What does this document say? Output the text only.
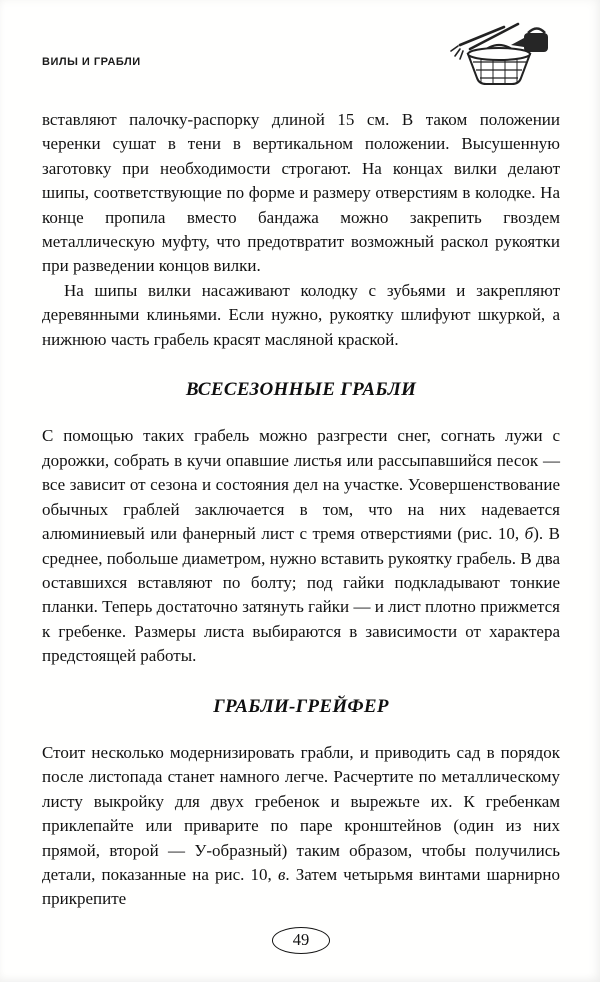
ВИЛЫ И ГРАБЛИ

вставляют палочку-распорку длиной 15 см. В таком положении черенки сушат в тени в вертикальном положении. Высушенную заготовку при необходимости строгают. На концах вилки делают шипы, соответствующие по форме и размеру отверстиям в колодке. На конце пропила вместо бандажа можно закрепить гвоздем металлическую муфту, что предотвратит возможный раскол рукоятки при разведении концов вилки.

На шипы вилки насаживают колодку с зубьями и закрепляют деревянными клиньями. Если нужно, рукоятку шлифуют шкуркой, а нижнюю часть грабель красят масляной краской.

ВСЕСЕЗОННЫЕ ГРАБЛИ

С помощью таких грабель можно разгрести снег, согнать лужи с дорожки, собрать в кучи опавшие листья или рассыпавшийся песок — все зависит от сезона и состояния дел на участке. Усовершенствование обычных граблей заключается в том, что на них надевается алюминиевый или фанерный лист с тремя отверстиями (рис. 10, б). В среднее, побольше диаметром, нужно вставить рукоятку грабель. В два оставшихся вставляют по болту; под гайки подкладывают тонкие планки. Теперь достаточно затянуть гайки — и лист плотно прижмется к гребенке. Размеры листа выбираются в зависимости от характера предстоящей работы.

ГРАБЛИ-ГРЕЙФЕР

Стоит несколько модернизировать грабли, и приводить сад в порядок после листопада станет намного легче. Расчертите по металлическому листу выкройку для двух гребенок и вырежьте их. К гребенкам приклепайте или приварите по паре кронштейнов (один из них прямой, второй — У-образный) таким образом, чтобы получились детали, показанные на рис. 10, в. Затем четырьмя винтами шарнирно прикрепите

49
